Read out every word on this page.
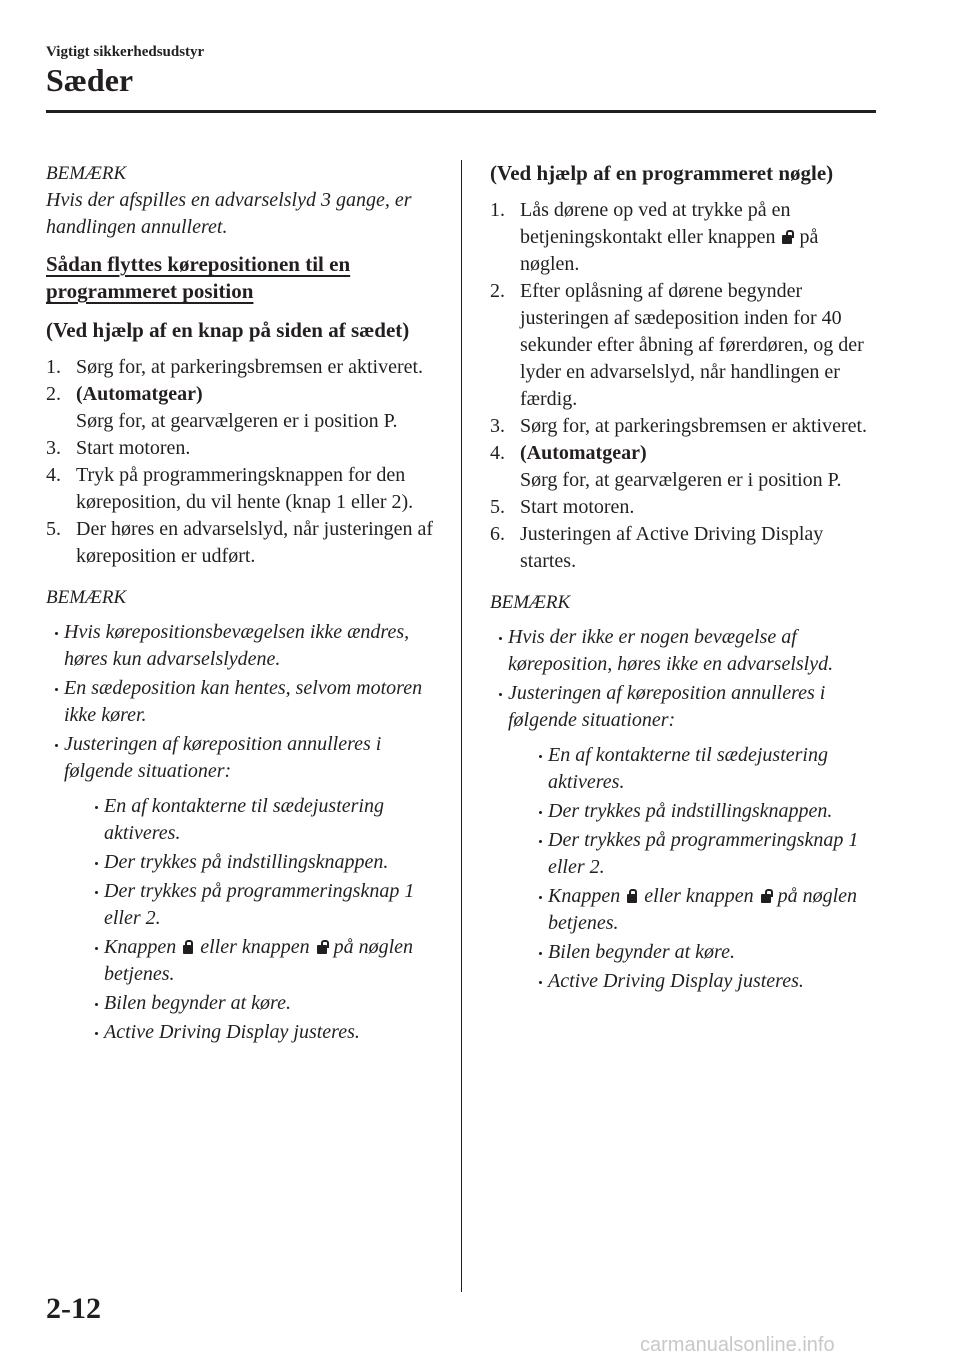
Vigtigt sikkerhedsudstyr
Sæder

BEMÆRK

Hvis der afspilles en advarselslyd 3 gange, er handlingen annulleret.

Sådan flyttes kørepositionen til en programmeret position

(Ved hjælp af en knap på siden af sædet)

1. Sørg for, at parkeringsbremsen er aktiveret.
2. (Automatgear)
Sørg for, at gearvælgeren er i position P.
3. Start motoren.
4. Tryk på programmeringsknappen for den køreposition, du vil hente (knap 1 eller 2).
5. Der høres en advarselslyd, når justeringen af køreposition er udført.

BEMÆRK

Hvis kørepositionsbevægelsen ikke ændres, høres kun advarselslydene.
En sædeposition kan hentes, selvom motoren ikke kører.
Justeringen af køreposition annulleres i følgende situationer:
En af kontakterne til sædejustering aktiveres.
Der trykkes på indstillingsknappen.
Der trykkes på programmeringsknap 1 eller 2.
Knappen eller knappen på nøglen betjenes.
Bilen begynder at køre.
Active Driving Display justeres.

(Ved hjælp af en programmeret nøgle)

1. Lås dørene op ved at trykke på en betjeningskontakt eller knappen på nøglen.
2. Efter oplåsning af dørene begynder justeringen af sædeposition inden for 40 sekunder efter åbning af førerdøren, og der lyder en advarselslyd, når handlingen er færdig.
3. Sørg for, at parkeringsbremsen er aktiveret.
4. (Automatgear)
Sørg for, at gearvælgeren er i position P.
5. Start motoren.
6. Justeringen af Active Driving Display startes.

BEMÆRK

Hvis der ikke er nogen bevægelse af køreposition, høres ikke en advarselslyd.
Justeringen af køreposition annulleres i følgende situationer:
En af kontakterne til sædejustering aktiveres.
Der trykkes på indstillingsknappen.
Der trykkes på programmeringsknap 1 eller 2.
Knappen eller knappen på nøglen betjenes.
Bilen begynder at køre.
Active Driving Display justeres.
2-12
carmanualsonline.info
